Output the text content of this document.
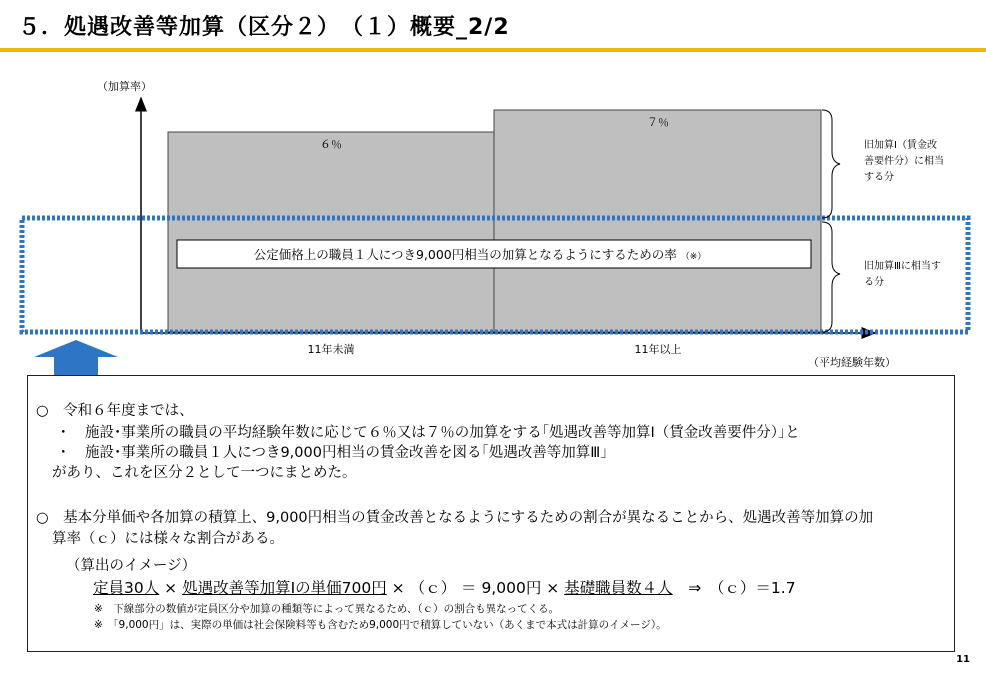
５．処遇改善等加算（区分２）　（１）概要_2/2
（加算率）
（平均経験年数）
６％
７％
11年未満	11年以上
公定価格上の職員１人につき9,000円相当の加算となるようにするための率 （※）
旧加算Ⅰ（賃金改 善要件分）に相当 する分
旧加算Ⅲに相当す る分
○　令和６年度までは、
・　施設･事業所の職員の平均経験年数に応じて６％又は７％の加算をする｢処遇改善等加算Ⅰ（賃金改善要件分）｣と
・　施設･事業所の職員１人につき9,000円相当の賃金改善を図る｢処遇改善等加算Ⅲ｣
があり、これを区分２として一つにまとめた。
○　基本分単価や各加算の積算上、9,000円相当の賃金改善となるようにするための割合が異なることから、処遇改善等加算の加
算率（ｃ）には様々な割合がある。
（算出のイメージ）
定員30人 × 処遇改善等加算Ⅰの単価700円 × （ｃ） ＝ 9,000円 × 基礎職員数４人　⇒　（ｃ）＝1.7
※　下線部分の数値が定員区分や加算の種類等によって異なるため、（ｃ）の割合も異なってくる。
※　「9,000円」は、実際の単価は社会保険料等も含むため9,000円で積算していない（あくまで本式は計算のイメージ）。
11
